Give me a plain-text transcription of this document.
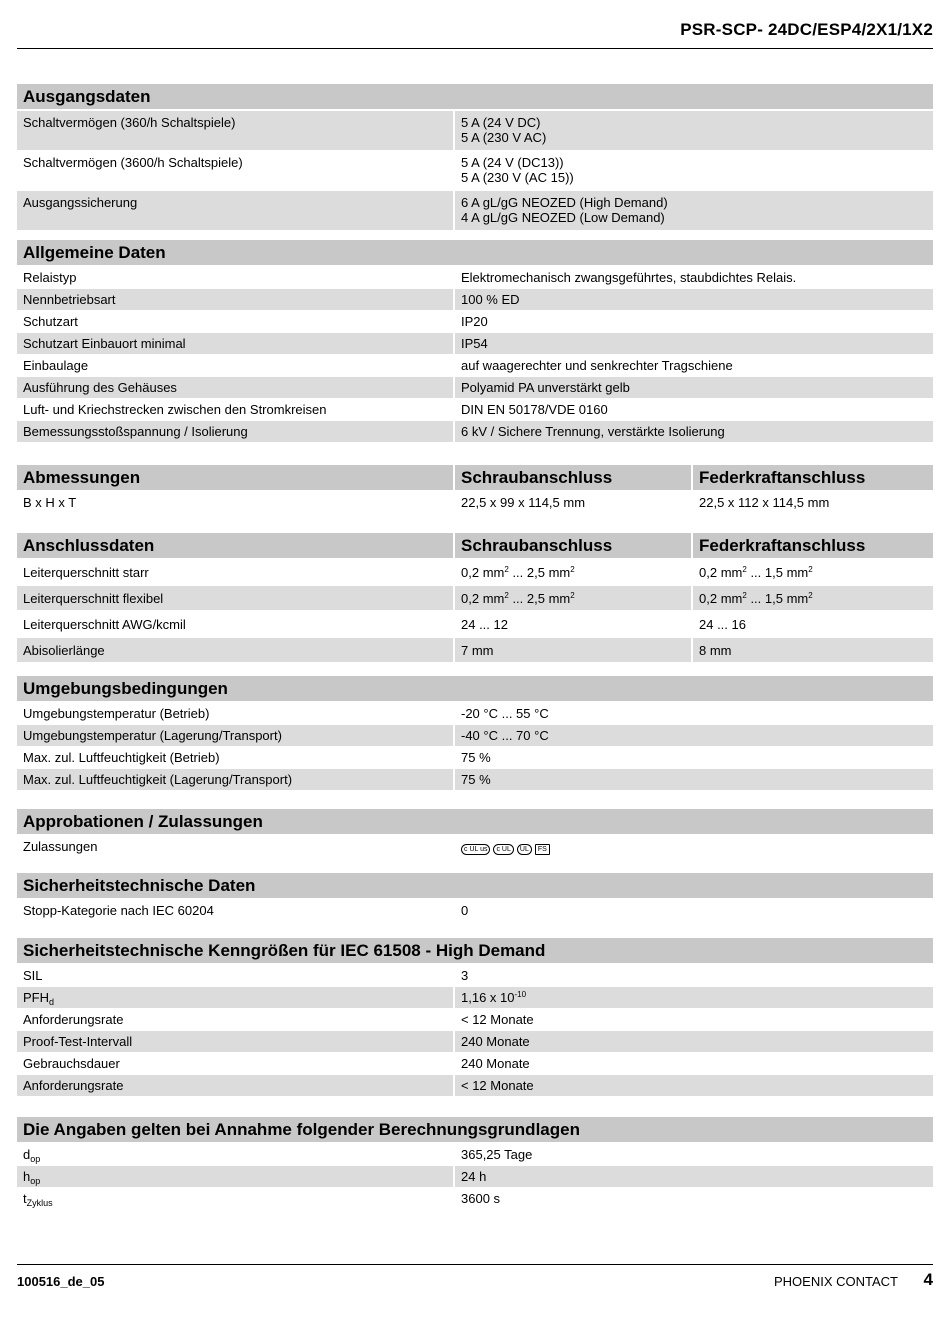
PSR-SCP- 24DC/ESP4/2X1/1X2
Ausgangsdaten
Schaltvermögen (360/h Schaltspiele)	5 A (24 V DC)
5 A (230 V AC)
Schaltvermögen (3600/h Schaltspiele)	5 A (24 V (DC13))
5 A (230 V (AC 15))
Ausgangssicherung	6 A gL/gG NEOZED (High Demand)
4 A gL/gG NEOZED (Low Demand)
Allgemeine Daten
Relaistyp	Elektromechanisch zwangsgeführtes, staubdichtes Relais.
Nennbetriebsart	100 % ED
Schutzart	IP20
Schutzart Einbauort minimal	IP54
Einbaulage	auf waagerechter und senkrechter Tragschiene
Ausführung des Gehäuses	Polyamid PA unverstärkt gelb
Luft- und Kriechstrecken zwischen den Stromkreisen	DIN EN 50178/VDE 0160
Bemessungsstoßspannung / Isolierung	6 kV / Sichere Trennung, verstärkte Isolierung
Abmessungen	Schraubanschluss	Federkraftanschluss
B x H x T	22,5 x 99 x 114,5 mm	22,5 x 112 x 114,5 mm
Anschlussdaten	Schraubanschluss	Federkraftanschluss
Leiterquerschnitt starr	0,2 $mm^2$ ... 2,5 $mm^2$	0,2 $mm^2$ ... 1,5 $mm^2$
Leiterquerschnitt flexibel	0,2 $mm^2$ ... 2,5 $mm^2$	0,2 $mm^2$ ... 1,5 $mm^2$
Leiterquerschnitt AWG/kcmil	24 ... 12	24 ... 16
Abisolierlänge	7 mm	8 mm
Umgebungsbedingungen
Umgebungstemperatur (Betrieb)	-20 °C ... 55 °C
Umgebungstemperatur (Lagerung/Transport)	-40 °C ... 70 °C
Max. zul. Luftfeuchtigkeit (Betrieb)	75 %
Max. zul. Luftfeuchtigkeit (Lagerung/Transport)	75 %
Approbationen / Zulassungen
Zulassungen	c UL us	c UL	UL	FS
Sicherheitstechnische Daten
Stopp-Kategorie nach IEC 60204	0
Sicherheitstechnische Kenngrößen für IEC 61508 - High Demand
SIL	3
$PFH_d$	1,16 x $10^{-10}$
Anforderungsrate	< 12 Monate
Proof-Test-Intervall	240 Monate
Gebrauchsdauer	240 Monate
Anforderungsrate	< 12 Monate
Die Angaben gelten bei Annahme folgender Berechnungsgrundlagen
$d_{op}$	365,25 Tage
$h_{op}$	24 h
$t_{Zyklus}$	3600 s
100516_de_05	PHOENIX CONTACT 4
